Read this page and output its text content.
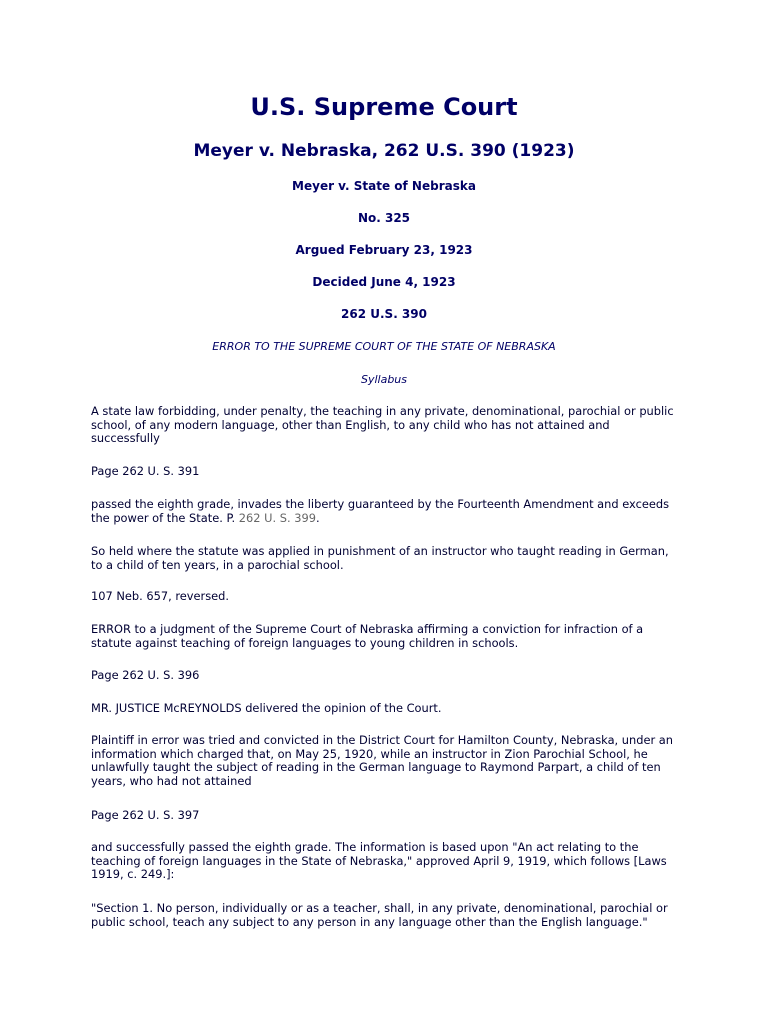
U.S. Supreme Court
Meyer v. Nebraska, 262 U.S. 390 (1923)
Meyer v. State of Nebraska
No. 325
Argued February 23, 1923
Decided June 4, 1923
262 U.S. 390
ERROR TO THE SUPREME COURT OF THE STATE OF NEBRASKA
Syllabus

A state law forbidding, under penalty, the teaching in any private, denominational, parochial or public school, of any modern language, other than English, to any child who has not attained and successfully

Page 262 U. S. 391

passed the eighth grade, invades the liberty guaranteed by the Fourteenth Amendment and exceeds the power of the State. P. 262 U. S. 399.

So held where the statute was applied in punishment of an instructor who taught reading in German, to a child of ten years, in a parochial school.

107 Neb. 657, reversed.

ERROR to a judgment of the Supreme Court of Nebraska affirming a conviction for infraction of a statute against teaching of foreign languages to young children in schools.

Page 262 U. S. 396

MR. JUSTICE McREYNOLDS delivered the opinion of the Court.

Plaintiff in error was tried and convicted in the District Court for Hamilton County, Nebraska, under an information which charged that, on May 25, 1920, while an instructor in Zion Parochial School, he unlawfully taught the subject of reading in the German language to Raymond Parpart, a child of ten years, who had not attained

Page 262 U. S. 397

and successfully passed the eighth grade. The information is based upon "An act relating to the teaching of foreign languages in the State of Nebraska," approved April 9, 1919, which follows [Laws 1919, c. 249.]:

"Section 1. No person, individually or as a teacher, shall, in any private, denominational, parochial or public school, teach any subject to any person in any language other than the English language."
